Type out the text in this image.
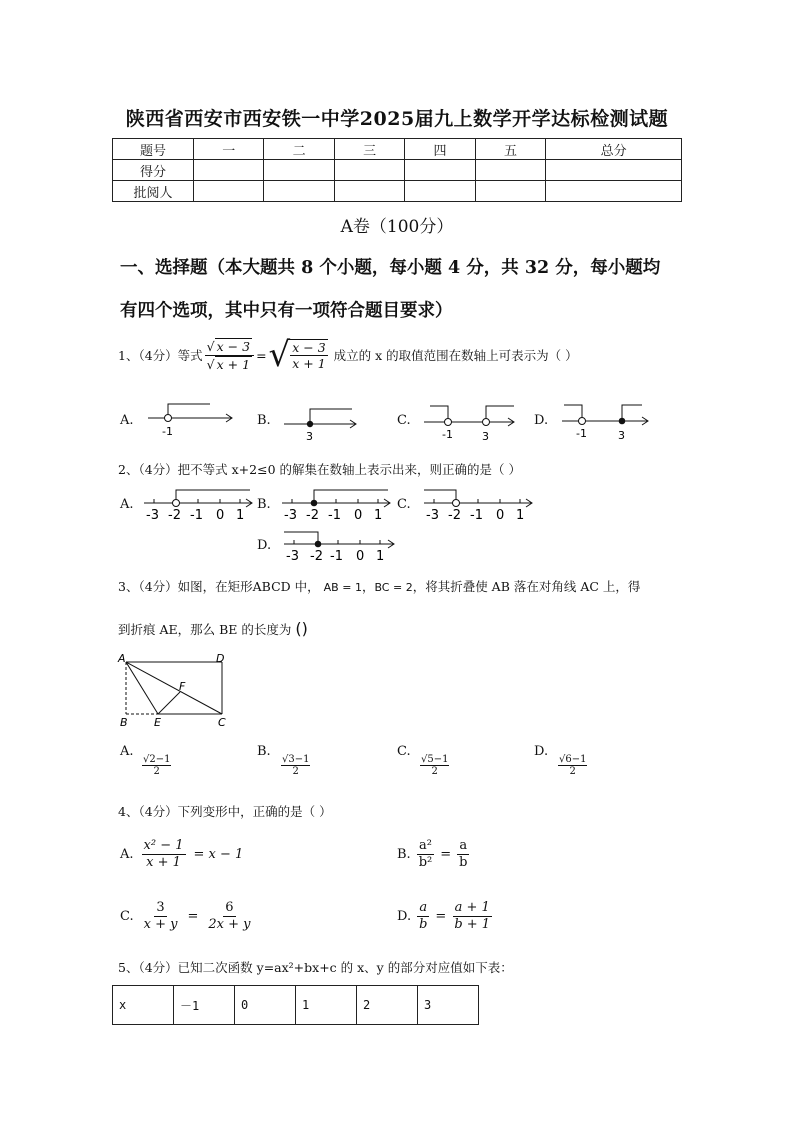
陕西省西安市西安铁一中学2025届九上数学开学达标检测试题
题号	一	二	三	四	五	总分
得分						
批阅人						
A卷（100分）
一、选择题（本大题共 8 个小题，每小题 4 分，共 32 分，每小题均
有四个选项，其中只有一项符合题目要求）
1、（4分）等式 $\frac{√ x - 3}{√ x + 1}$ = √ $\frac{x - 3}{x + 1}$ 成立的 x 的取值范围在数轴上可表示为（ ）
A.
-1
B.
3
C.
-1	3
D.
-1	3
2、（4分）把不等式 x+2≤0 的解集在数轴上表示出来，则正确的是（ ）
A.
-3 -2 -1 0 1
B.
-3 -2 -1 0 1
C.
-3 -2 -1 0 1
D.
-3 -2 -1 0 1
3、（4分）如图，在矩形ABCD 中， AB = 1，BC = 2，将其折叠使 AB 落在对角线 AC 上，得
到折痕 AE，那么 BE 的长度为 ()
A	D
B E	C
F
A.
$\frac{√2-1}{2}$
B.
$\frac{√3-1}{2}$
C.
$\frac{√5-1}{2}$
D.
$\frac{√6-1}{2}$
4、（4分）下列变形中，正确的是（ ）
A. $\frac{\text{x² − 1}}{x + 1} = x - 1$	B. $\frac{\text{a²}}{\text{b²}} = \frac{a}{b}$
C. $\frac{3}{x + y} = \frac{6}{2x + y}$	D. $\frac{a}{b} = \frac{a + 1}{b + 1}$
5、（4分）已知二次函数 y=ax²+bx+c 的 x、y 的部分对应值如下表：
x	－1	0	1	2	3
